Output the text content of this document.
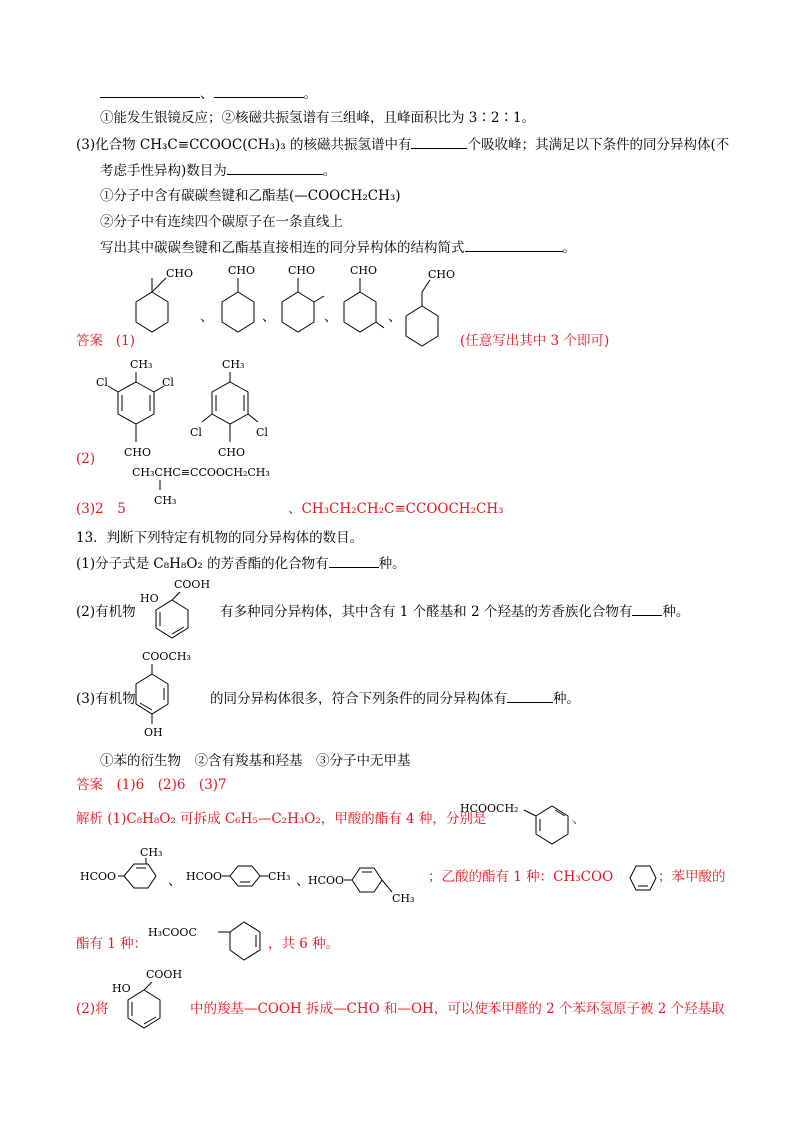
、	。
①能发生银镜反应；②核磁共振氢谱有三组峰，且峰面积比为 3∶2∶1。
(3)化合物 CH₃C≡CCOOC(CH₃)₃ 的核磁共振氢谱中有	个吸收峰；其满足以下条件的同分异构体(不
考虑手性异构)数目为	。
①分子中含有碳碳叁键和乙酯基(—COOCH₂CH₃)
②分子中有连续四个碳原子在一条直线上
写出其中碳碳叁键和乙酯基直接相连的同分异构体的结构简式	。
CHO
、
CHO
、
CHO
、
CHO
、
CHO
答案 (1)	(任意写出其中 3 个即可)
CH₃
Cl	Cl
CHO
CH₃
Cl	Cl
CHO
(2)
CH₃CHC≡CCOOCH₂CH₃
CH₃
(3)2　5	、CH₃CH₂CH₂C≡CCOOCH₂CH₃
13．判断下列特定有机物的同分异构体的数目。
(1)分子式是 C₈H₈O₂ 的芳香酯的化合物有	种。
COOH
HO
(2)有机物	有多种同分异构体，其中含有 1 个醛基和 2 个羟基的芳香族化合物有 种。
COOCH₃
OH
(3)有机物	的同分异构体很多，符合下列条件的同分异构体有	种。
①苯的衍生物　②含有羧基和羟基　③分子中无甲基
答案　(1)6　(2)6　(3)7
解析 (1)C₈H₈O₂ 可拆成 C₆H₅—C₂H₃O₂，甲酸的酯有 4 种，分别是
HCOOCH₂
、
CH₃
HCOO	、 HCOO	CH₃ 、
HCOO
CH₃
；乙酸的酯有 1 种：CH₃COO	；苯甲酸的
酯有 1 种：
H₃COOC
，共 6 种。
(2)将
COOH
HO
中的羧基—COOH 拆成—CHO 和—OH，可以使苯甲醛的 2 个苯环氢原子被 2 个羟基取
